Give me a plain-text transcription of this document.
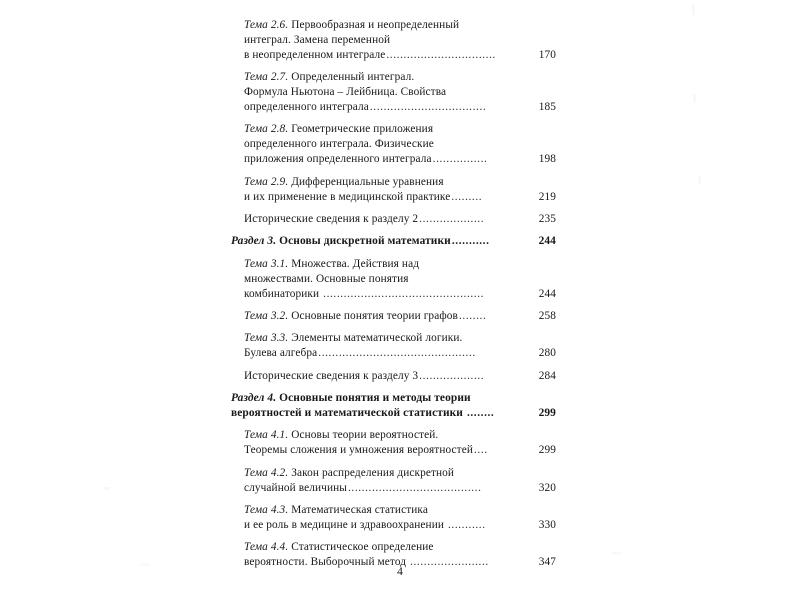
Тема 2.6. Первообразная и неопределенный
интеграл. Замена переменной
в неопределенном интеграле ................................	170
Тема 2.7. Определенный интеграл.
Формула Ньютона – Лейбница. Свойства
определенного интеграла ..................................	185
Тема 2.8. Геометрические приложения
определенного интеграла. Физические
приложения определенного интеграла ................	198
Тема 2.9. Дифференциальные уравнения
и их применение в медицинской практике .........	219
Исторические сведения к разделу 2 ...................	235
Раздел 3. Основы дискретной математики ...........	244
Тема 3.1. Множества. Действия над
множествами. Основные понятия
комбинаторики ...............................................	244
Тема 3.2. Основные понятия теории графов ........	258
Тема 3.3. Элементы математической логики.
Булева алгебра ..............................................	280
Исторические сведения к разделу 3 ...................	284
Раздел 4. Основные понятия и методы теории
вероятностей и математической статистики ........	299
Тема 4.1. Основы теории вероятностей.
Теоремы сложения и умножения вероятностей ....	299
Тема 4.2. Закон распределения дискретной
случайной величины .......................................	320
Тема 4.3. Математическая статистика
и ее роль в медицине и здравоохранении ...........	330
Тема 4.4. Статистическое определение
вероятности. Выборочный метод .......................	347
4
